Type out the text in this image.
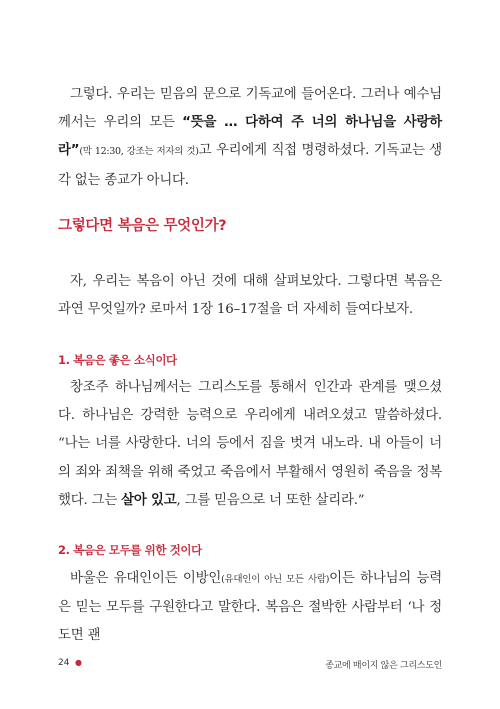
그렇다. 우리는 믿음의 문으로 기독교에 들어온다. 그러나 예수님께서는 우리의 모든 “뜻을 … 다하여 주 너의 하나님을 사랑하라”(막 12:30, 강조는 저자의 것)고 우리에게 직접 명령하셨다. 기독교는 생각 없는 종교가 아니다.

그렇다면 복음은 무엇인가?

자, 우리는 복음이 아닌 것에 대해 살펴보았다. 그렇다면 복음은 과연 무엇일까? 로마서 1장 16–17절을 더 자세히 들여다보자.

1. 복음은 좋은 소식이다

창조주 하나님께서는 그리스도를 통해서 인간과 관계를 맺으셨다. 하나님은 강력한 능력으로 우리에게 내려오셨고 말씀하셨다. “나는 너를 사랑한다. 너의 등에서 짐을 벗겨 내노라. 내 아들이 너의 죄와 죄책을 위해 죽었고 죽음에서 부활해서 영원히 죽음을 정복했다. 그는 살아 있고, 그를 믿음으로 너 또한 살리라.”

2. 복음은 모두를 위한 것이다

바울은 유대인이든 이방인(유대인이 아닌 모든 사람)이든 하나님의 능력은 믿는 모두를 구원한다고 말한다. 복음은 절박한 사람부터 ‘나 정도면 괜

24 ●	종교에 매이지 않은 그리스도인
